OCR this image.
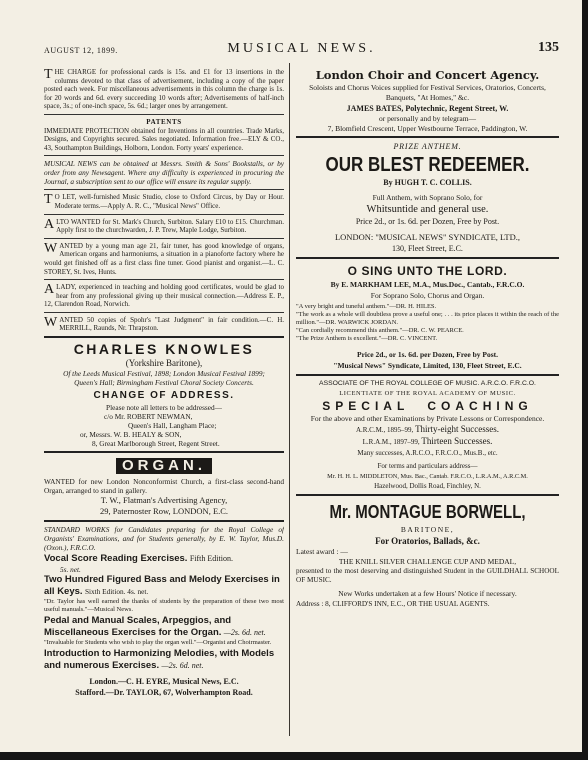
AUGUST 12, 1899.	MUSICAL NEWS.	135

THE CHARGE for professional cards is 15s. and £1 for 13 insertions in the columns devoted to that class of advertisement, including a copy of the paper posted each week. For miscellaneous advertisements in this column the charge is 1s. for 20 words and 6d. every succeeding 10 words after; Advertisements of half-inch space, 3s.; of one-inch space, 5s. 6d.; larger ones by arrangement.

PATENTS

IMMEDIATE PROTECTION obtained for Inventions in all countries. Trade Marks, Designs, and Copyrights secured. Sales negotiated. Information free.—ELY & CO., 43, Southampton Buildings, Holborn, London. Forty years' experience.

MUSICAL NEWS can be obtained at Messrs. Smith & Sons' Bookstalls, or by order from any Newsagent. Where any difficulty is experienced in procuring the Journal, a subscription sent to our office will ensure its regular supply.

T O LET, well-furnished Music Studio, close to Oxford Circus, by Day or Hour. Moderate terms.—Apply A. R. C., "Musical News" Office.

ALTO WANTED for St. Mark's Church, Surbiton. Salary £10 to £15. Churchman. Apply first to the churchwarden, J. P. Trew, Maple Lodge, Surbiton.

WANTED by a young man age 21, fair tuner, has good knowledge of organs, American organs and harmoniums, a situation in a pianoforte factory where he would get finished off as a first class fine tuner. Good pianist and organist.—L. C. STOREY, St. Ives, Hunts.

A LADY, experienced in teaching and holding good certificates, would be glad to hear from any professional giving up their musical connection.—Address E. P., 12, Clarendon Road, Norwich.

WANTED 50 copies of Spohr's "Last Judgment" in fair condition.—C. H. MERRILL, Raunds, Nr. Thrapston.

CHARLES KNOWLES
(Yorkshire Baritone),

Of the Leeds Musical Festival, 1898; London Musical Festival 1899; Queen's Hall; Birmingham Festival Choral Society Concerts.

CHANGE OF ADDRESS.

Please note all letters to be addressed—

c/o Mr. ROBERT NEWMAN,

Queen's Hall, Langham Place;

or, Messrs. W. B. HEALY & SON,

8, Great Marlborough Street, Regent Street.

ORGAN.

WANTED for new London Nonconformist Church, a first-class second-hand Organ, arranged to stand in gallery.

T. W., Flatman's Advertising Agency,

29, Paternoster Row, LONDON, E.C.

STANDARD WORKS for Candidates preparing for the Royal College of Organists' Examinations, and for Students generally, by E. W. Taylor, Mus.D. (Oxon.), F.R.C.O.

Vocal Score Reading Exercises. Fifth Edition.

5s. net.

Two Hundred Figured Bass and Melody Exercises in all Keys. Sixth Edition. 4s. net.

"Dr. Taylor has well earned the thanks of students by the preparation of these two most useful manuals."—Musical News.

Pedal and Manual Scales, Arpeggios, and Miscellaneous Exercises for the Organ. —2s. 6d. net.

"Invaluable for Students who wish to play the organ well."—Organist and Choirmaster.

Introduction to Harmonizing Melodies, with Models and numerous Exercises. —2s. 6d. net.

London.—C. H. EYRE, Musical News, E.C.

Stafford.—Dr. TAYLOR, 67, Wolverhampton Road.

London Choir and Concert Agency.

Soloists and Chorus Voices supplied for Festival Services, Oratorios, Concerts, Banquets, "At Homes," &c.

JAMES BATES, Polytechnic, Regent Street, W.

or personally and by telegram—

7, Blomfield Crescent, Upper Westbourne Terrace, Paddington, W.

PRIZE ANTHEM.

OUR BLEST REDEEMER.

By HUGH T. C. COLLIS.

Full Anthem, with Soprano Solo, for

Whitsuntide and general use.

Price 2d., or 1s. 6d. per Dozen, Free by Post.

LONDON: "MUSICAL NEWS" SYNDICATE, LTD.,

130, Fleet Street, E.C.

O SING UNTO THE LORD.

By E. MARKHAM LEE, M.A., Mus.Doc., Cantab., F.R.C.O.

For Soprano Solo, Chorus and Organ.

"A very bright and tuneful anthem."—DR. H. HILES.

"The work as a whole will doubtless prove a useful one; . . . its price places it within the reach of the million."—DR. WARWICK JORDAN.

"Can cordially recommend this anthem."—DR. C. W. PEARCE.

"The Prize Anthem is excellent."—DR. C. VINCENT.

Price 2d., or 1s. 6d. per Dozen, Free by Post.

"Musical News" Syndicate, Limited, 130, Fleet Street, E.C.

ASSOCIATE OF THE ROYAL COLLEGE OF MUSIC. A.R.C.O. F.R.C.O.

LICENTIATE OF THE ROYAL ACADEMY OF MUSIC.

SPECIAL COACHING

For the above and other Examinations by Private Lessons or Correspondence.

A.R.C.M., 1895–99, Thirty-eight Successes.

L.R.A.M., 1897–99, Thirteen Successes.

Many successes, A.R.C.O., F.R.C.O., Mus.B., etc.

For terms and particulars address—

Mr. H. H. L. MIDDLETON, Mus. Bac., Cantab. F.R.C.O., L.R.A.M., A.R.C.M.

Hazelwood, Dollis Road, Finchley, N.

Mr. MONTAGUE BORWELL,

BARITONE,

For Oratorios, Ballads, &c.

Latest award : —

THE KNILL SILVER CHALLENGE CUP AND MEDAL,

presented to the most deserving and distinguished Student in the GUILDHALL SCHOOL OF MUSIC.

New Works undertaken at a few Hours' Notice if necessary.

Address : 8, CLIFFORD'S INN, E.C., OR THE USUAL AGENTS.
